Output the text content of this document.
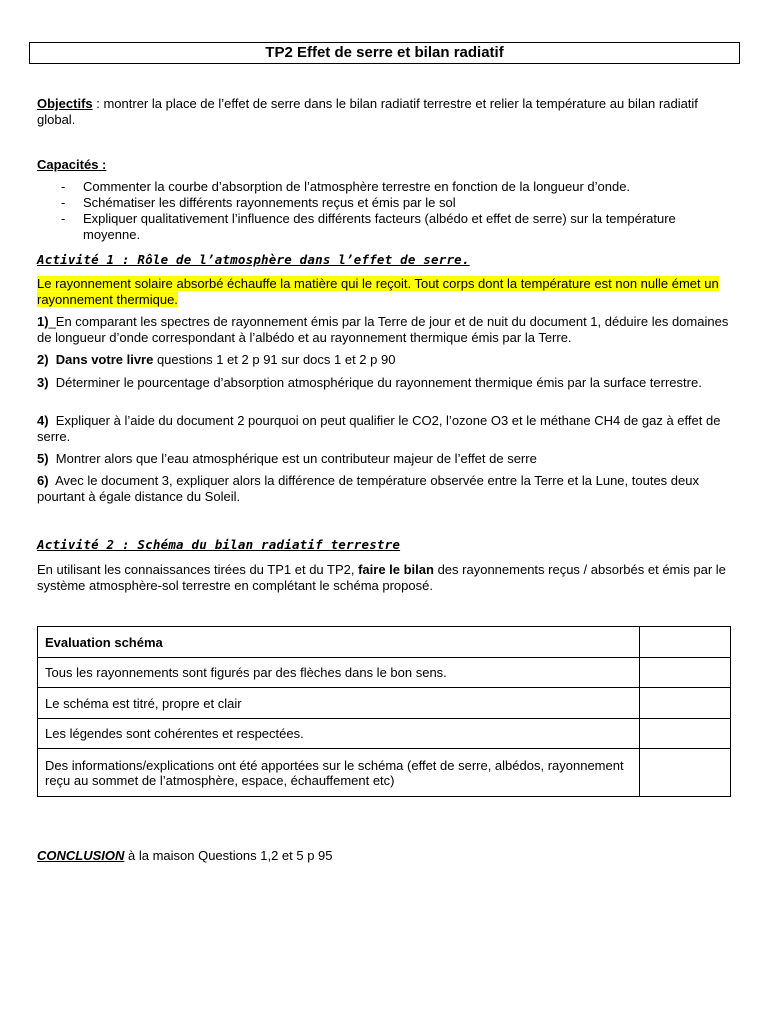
TP2 Effet de serre et bilan radiatif
Objectifs : montrer la place de l’effet de serre dans le bilan radiatif terrestre et relier la température au bilan radiatif global.
Capacités :
- Commenter la courbe d’absorption de l’atmosphère terrestre en fonction de la longueur d’onde.
- Schématiser les différents rayonnements reçus et émis par le sol
- Expliquer qualitativement l’influence des différents facteurs (albédo et effet de serre) sur la température moyenne.
Activité 1 : Rôle de l’atmosphère dans l’effet de serre.
Le rayonnement solaire absorbé échauffe la matière qui le reçoit. Tout corps dont la température est non nulle émet un rayonnement thermique.
1)_En comparant les spectres de rayonnement émis par la Terre de jour et de nuit du document 1, déduire les domaines de longueur d’onde correspondant à l’albédo et au rayonnement thermique émis par la Terre.
2) Dans votre livre questions 1 et 2 p 91 sur docs 1 et 2 p 90
3) Déterminer le pourcentage d’absorption atmosphérique du rayonnement thermique émis par la surface terrestre.
4) Expliquer à l’aide du document 2 pourquoi on peut qualifier le CO2, l’ozone O3 et le méthane CH4 de gaz à effet de serre.
5) Montrer alors que l’eau atmosphérique est un contributeur majeur de l’effet de serre
6) Avec le document 3, expliquer alors la différence de température observée entre la Terre et la Lune, toutes deux pourtant à égale distance du Soleil.
Activité 2 : Schéma du bilan radiatif terrestre
En utilisant les connaissances tirées du TP1 et du TP2, faire le bilan des rayonnements reçus / absorbés et émis par le système atmosphère-sol terrestre en complétant le schéma proposé.
Evaluation schéma	
Tous les rayonnements sont figurés par des flèches dans le bon sens.	
Le schéma est titré, propre et clair	
Les légendes sont cohérentes et respectées.	
Des informations/explications ont été apportées sur le schéma (effet de serre, albédos, rayonnement reçu au sommet de l’atmosphère, espace, échauffement etc)	
CONCLUSION à la maison Questions 1,2 et 5 p 95
